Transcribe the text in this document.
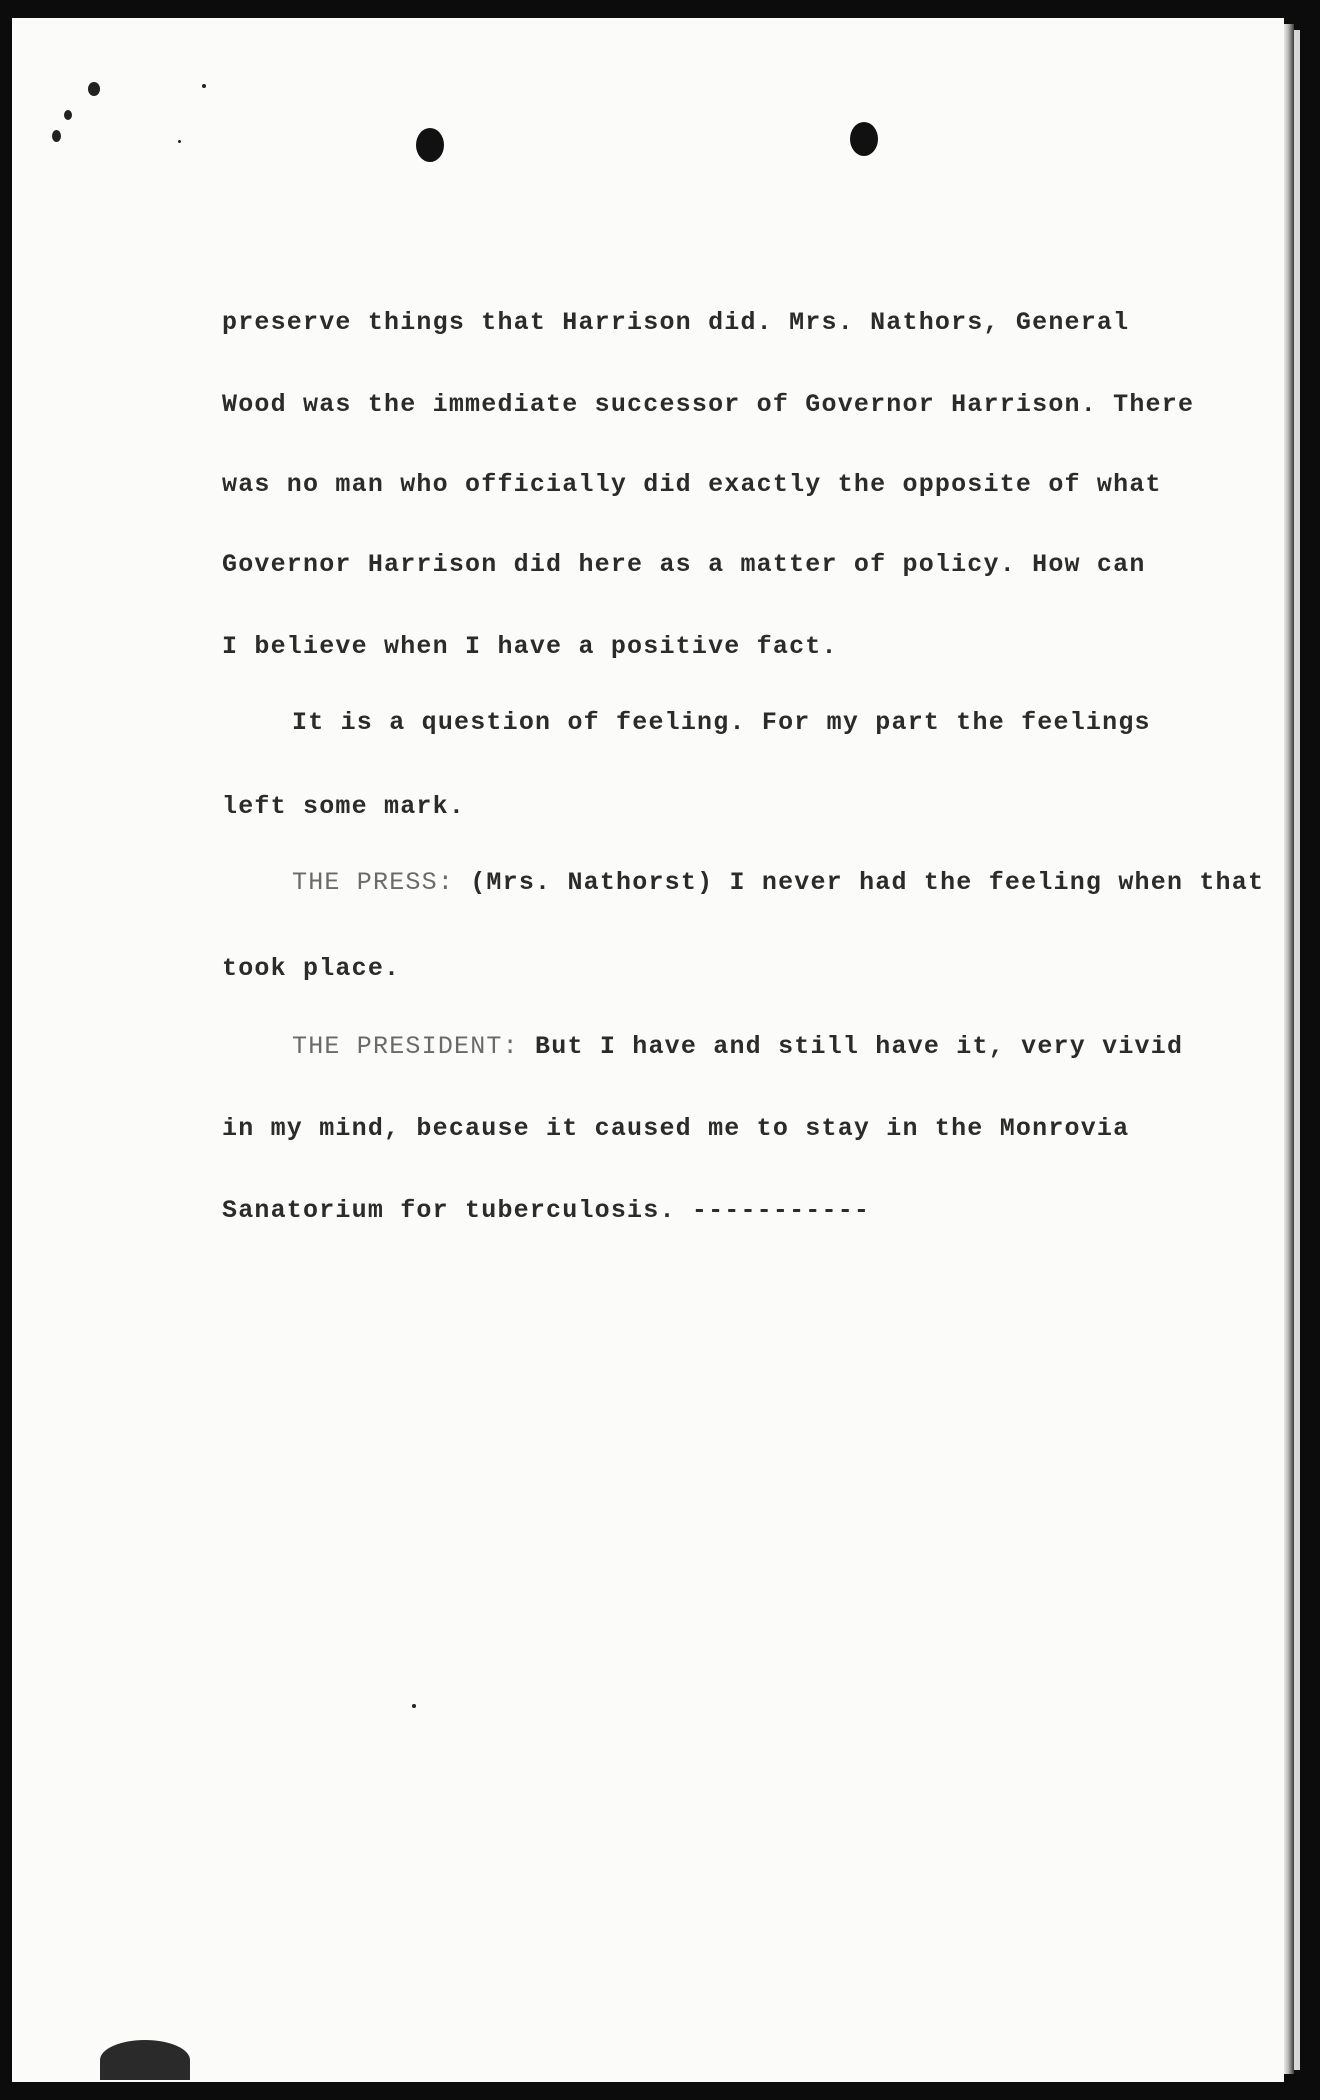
preserve things that Harrison did. Mrs. Nathors, General
Wood was the immediate successor of Governor Harrison. There
was no man who officially did exactly the opposite of what
Governor Harrison did here as a matter of policy. How can
I believe when I have a positive fact.
It is a question of feeling. For my part the feelings
left some mark.
THE PRESS: (Mrs. Nathorst) I never had the feeling when that
took place.
THE PRESIDENT: But I have and still have it, very vivid
in my mind, because it caused me to stay in the Monrovia
Sanatorium for tuberculosis. -----------
